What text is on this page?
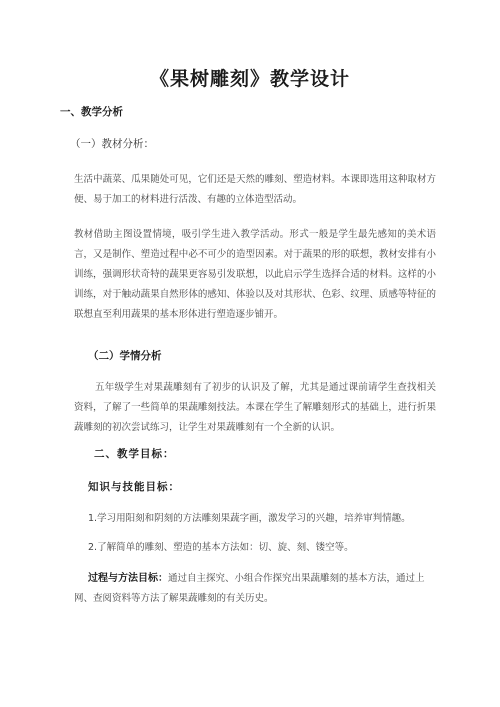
《果树雕刻》教学设计
一、教学分析
（一）教材分析：
生活中蔬菜、瓜果随处可见，它们还是天然的雕刻、塑造材料。本课即选用这种取材方便、易于加工的材料进行活泼、有趣的立体造型活动。
教材借助主图设置情境，吸引学生进入教学活动。形式一般是学生最先感知的美术语言，又是制作、塑造过程中必不可少的造型因素。对于蔬果的形的联想，教材安排有小训练，强调形状奇特的蔬果更容易引发联想，以此启示学生选择合适的材料。这样的小训练，对于触动蔬果自然形体的感知、体验以及对其形状、色彩、纹理、质感等特征的联想直至利用蔬果的基本形体进行塑造逐步铺开。
（二）学情分析
五年级学生对果蔬雕刻有了初步的认识及了解，尤其是通过课前请学生查找相关资料，了解了一些简单的果蔬雕刻技法。本课在学生了解雕刻形式的基础上，进行折果蔬雕刻的初次尝试练习，让学生对果蔬雕刻有一个全新的认识。
二、教学目标：
知识与技能目标：
1.学习用阳刻和阴刻的方法雕刻果蔬字画，激发学习的兴趣，培养审判情趣。
2.了解简单的雕刻、塑造的基本方法如：切、旋、刻、镂空等。
过程与方法目标：通过自主探究、小组合作探究出果蔬雕刻的基本方法，通过上网、查阅资料等方法了解果蔬雕刻的有关历史。
